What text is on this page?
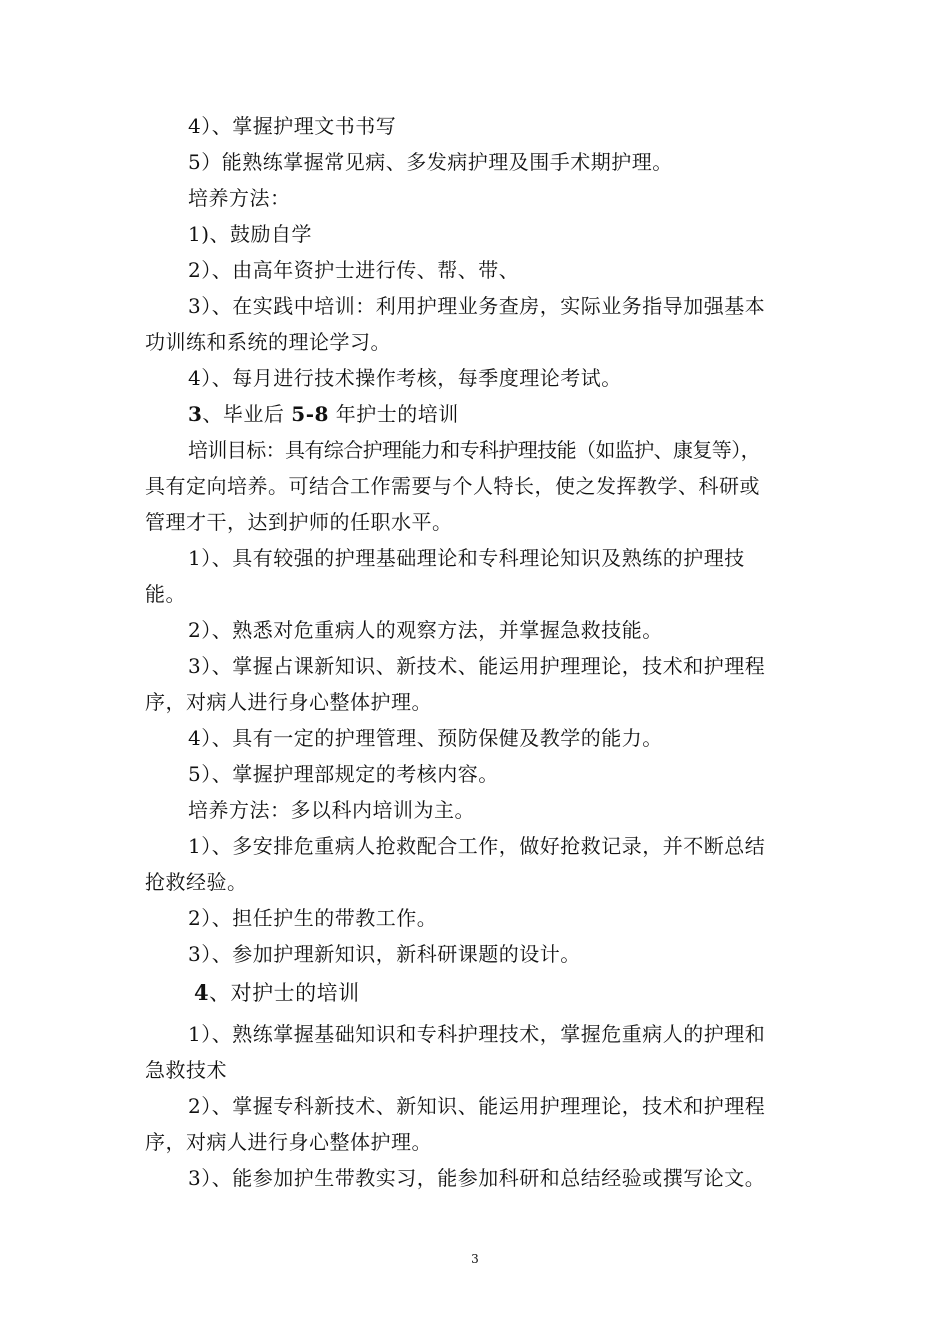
4）、掌握护理文书书写
5）能熟练掌握常见病、多发病护理及围手术期护理。
培养方法：
1)、鼓励自学
2）、由高年资护士进行传、帮、带、
3）、在实践中培训：利用护理业务查房，实际业务指导加强基本
功训练和系统的理论学习。
4）、每月进行技术操作考核，每季度理论考试。
3、毕业后 5-8 年护士的培训
培训目标：具有综合护理能力和专科护理技能（如监护、康复等），
具有定向培养。可结合工作需要与个人特长，使之发挥教学、科研或
管理才干，达到护师的任职水平。
1）、具有较强的护理基础理论和专科理论知识及熟练的护理技
能。
2）、熟悉对危重病人的观察方法，并掌握急救技能。
3）、掌握占课新知识、新技术、能运用护理理论，技术和护理程
序，对病人进行身心整体护理。
4）、具有一定的护理管理、预防保健及教学的能力。
5）、掌握护理部规定的考核内容。
培养方法：多以科内培训为主。
1）、多安排危重病人抢救配合工作，做好抢救记录，并不断总结
抢救经验。
2）、担任护生的带教工作。
3）、参加护理新知识，新科研课题的设计。
4、对护士的培训
1）、熟练掌握基础知识和专科护理技术，掌握危重病人的护理和
急救技术
2）、掌握专科新技术、新知识、能运用护理理论，技术和护理程
序，对病人进行身心整体护理。
3）、能参加护生带教实习，能参加科研和总结经验或撰写论文。
3
